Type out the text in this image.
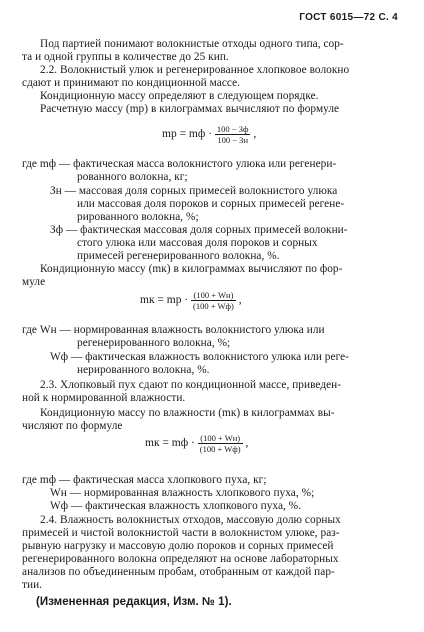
ГОСТ 6015—72 С. 4
Под партией понимают волокнистые отходы одного типа, сор-
та и одной группы в количестве до 25 кип.
2.2. Волокнистый улюк и регенерированное хлопковое волокно
сдают и принимают по кондиционной массе.
Кондиционную массу определяют в следующем порядке.
Расчетную массу (mр) в килограммах вычисляют по формуле
mр = mф · $\frac{100 - Зф}{100 - Зн}$ ,
где mф — фактическая масса волокнистого улюка или регенери-
рованного волокна, кг;
Зн — массовая доля сорных примесей волокнистого улюка
или массовая доля пороков и сорных примесей регене-
рированного волокна, %;
Зф — фактическая массовая доля сорных примесей волокни-
стого улюка или массовая доля пороков и сорных
примесей регенерированного волокна, %.
Кондиционную массу (mк) в килограммах вычисляют по фор-
муле
mк = mр · $\frac{(100 + Wн)}{(100 + Wф)}$ ,
где Wн — нормированная влажность волокнистого улюка или
регенерированного волокна, %;
Wф — фактическая влажность волокнистого улюка или реге-
нерированного волокна, %.
2.3. Хлопковый пух сдают по кондиционной массе, приведен-
ной к нормированной влажности.
Кондиционную массу по влажности (mк) в килограммах вы-
числяют по формуле
mк = mф · $\frac{(100 + Wн)}{(100 + Wф)}$ ,
где mф — фактическая масса хлопкового пуха, кг;
Wн — нормированная влажность хлопкового пуха, %;
Wф — фактическая влажность хлопкового пуха, %.
2.4. Влажность волокнистых отходов, массовую долю сорных
примесей и чистой волокнистой части в волокнистом улюке, раз-
рывную нагрузку и массовую долю пороков и сорных примесей
регенерированного волокна определяют на основе лабораторных
анализов по объединенным пробам, отобранным от каждой пар-
тии.
(Измененная редакция, Изм. № 1).
